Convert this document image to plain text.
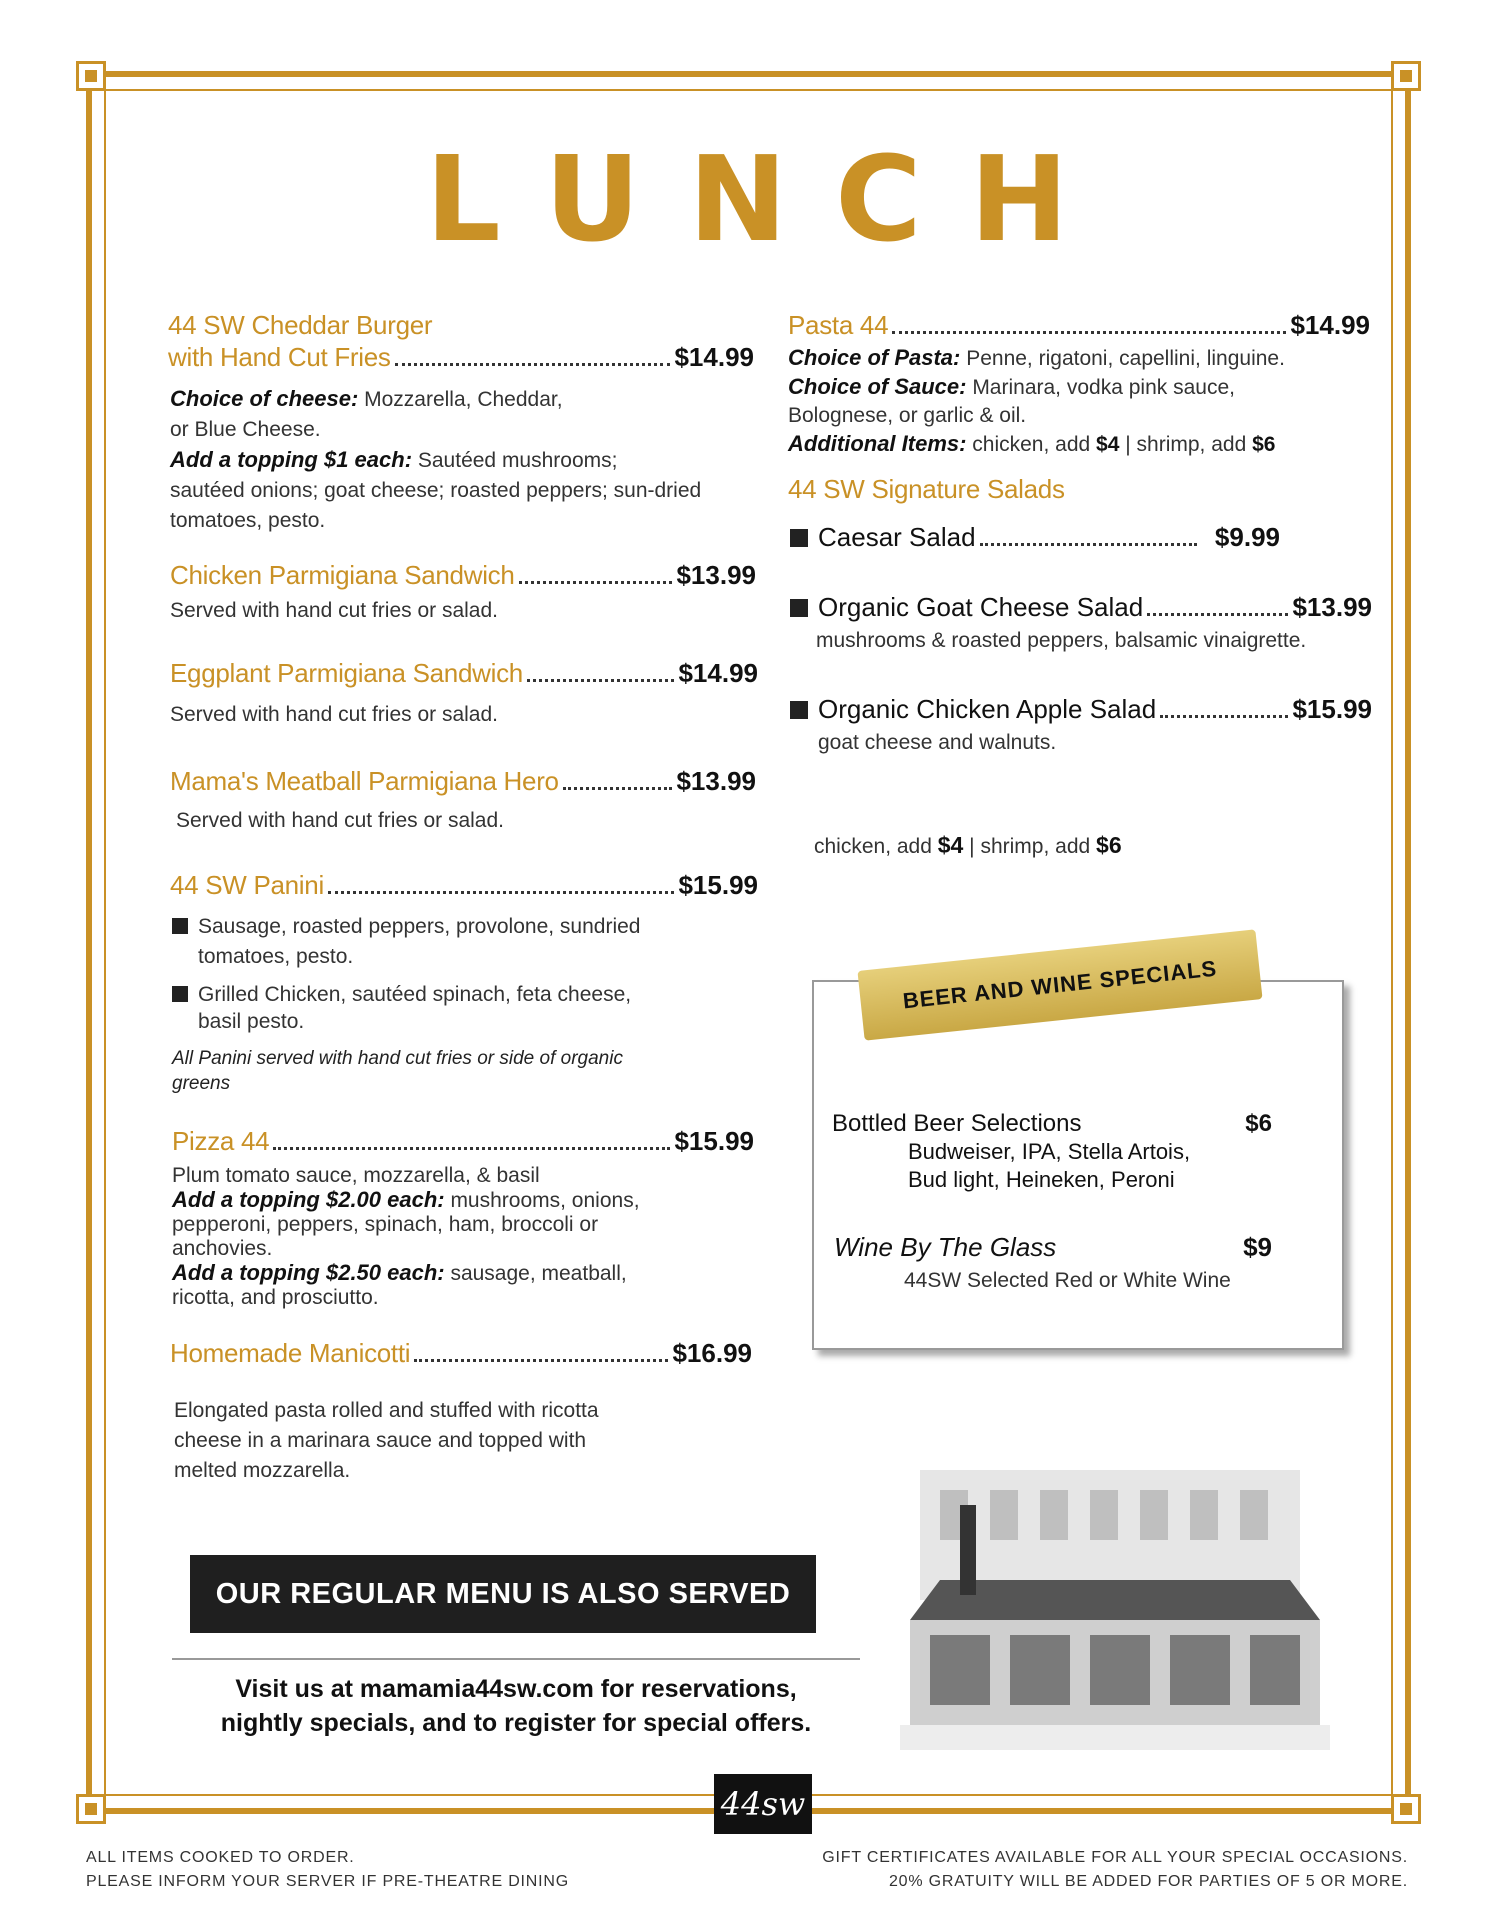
LUNCH
44 SW Cheddar Burger
with Hand Cut Fries	$14.99
Choice of cheese: Mozzarella, Cheddar,
or Blue Cheese.
Add a topping $1 each: Sautéed mushrooms;
sautéed onions; goat cheese; roasted peppers; sun-dried
tomatoes, pesto.
Chicken Parmigiana Sandwich	$13.99
Served with hand cut fries or salad.
Eggplant Parmigiana Sandwich	$14.99
Served with hand cut fries or salad.
Mama's Meatball Parmigiana Hero	$13.99
Served with hand cut fries or salad.
44 SW Panini	$15.99
Sausage, roasted peppers, provolone, sundried
tomatoes, pesto.
Grilled Chicken, sautéed spinach, feta cheese,
basil pesto.
All Panini served with hand cut fries or side of organic
greens
Pizza 44	$15.99
Plum tomato sauce, mozzarella, & basil
Add a topping $2.00 each: mushrooms, onions,
pepperoni, peppers, spinach, ham, broccoli or
anchovies.
Add a topping $2.50 each: sausage, meatball,
ricotta, and prosciutto.
Homemade Manicotti	$16.99
Elongated pasta rolled and stuffed with ricotta
cheese in a marinara sauce and topped with
melted mozzarella.
Pasta 44	$14.99
Choice of Pasta: Penne, rigatoni, capellini, linguine.
Choice of Sauce: Marinara, vodka pink sauce,
Bolognese, or garlic & oil.
Additional Items: chicken, add $4 | shrimp, add $6
44 SW Signature Salads
Caesar Salad	$9.99
Organic Goat Cheese Salad	$13.99
mushrooms & roasted peppers, balsamic vinaigrette.
Organic Chicken Apple Salad	$15.99
goat cheese and walnuts.
chicken, add $4 | shrimp, add $6
BEER AND WINE SPECIALS
Bottled Beer Selections	$6
Budweiser, IPA, Stella Artois,
Bud light, Heineken, Peroni
Wine By The Glass	$9
44SW Selected Red or White Wine
OUR REGULAR MENU IS ALSO SERVED
Visit us at mamamia44sw.com for reservations,
nightly specials, and to register for special offers.
44sw
ALL ITEMS COOKED TO ORDER.
PLEASE INFORM YOUR SERVER IF PRE-THEATRE DINING
GIFT CERTIFICATES AVAILABLE FOR ALL YOUR SPECIAL OCCASIONS.
20% GRATUITY WILL BE ADDED FOR PARTIES OF 5 OR MORE.
